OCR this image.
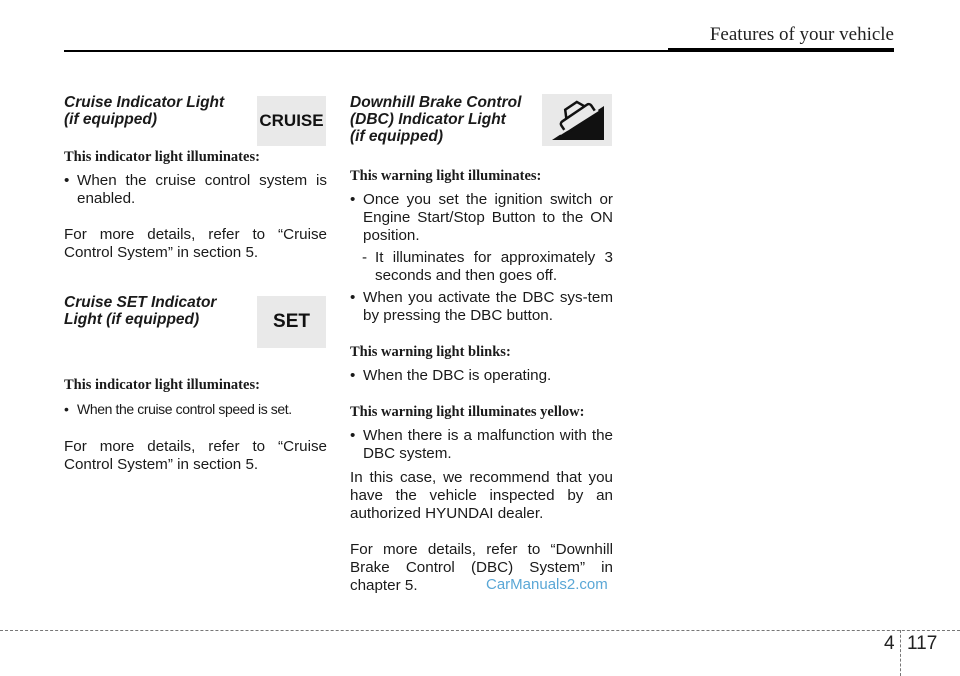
Features of your vehicle
Cruise Indicator Light
(if equipped)
This indicator light illuminates:
• When the cruise control system is enabled.
For more details, refer to “Cruise Control System” in section 5.
Cruise SET Indicator
Light (if equipped)
This indicator light illuminates:
• When the cruise control speed is set.
For more details, refer to “Cruise Control System” in section 5.
CRUISE
SET
Downhill Brake Control
(DBC) Indicator Light
(if equipped)
This warning light illuminates:
• Once you set the ignition switch or Engine Start/Stop Button to the ON position.
- It illuminates for approximately 3 seconds and then goes off.
• When you activate the DBC sys-tem by pressing the DBC button.
This warning light blinks:
• When the DBC is operating.
This warning light illuminates yellow:
• When there is a malfunction with the DBC system.
In this case, we recommend that you have the vehicle inspected by an authorized HYUNDAI dealer.
For more details, refer to “Downhill Brake Control (DBC) System” in chapter 5.	CarManuals2.com
4 117
